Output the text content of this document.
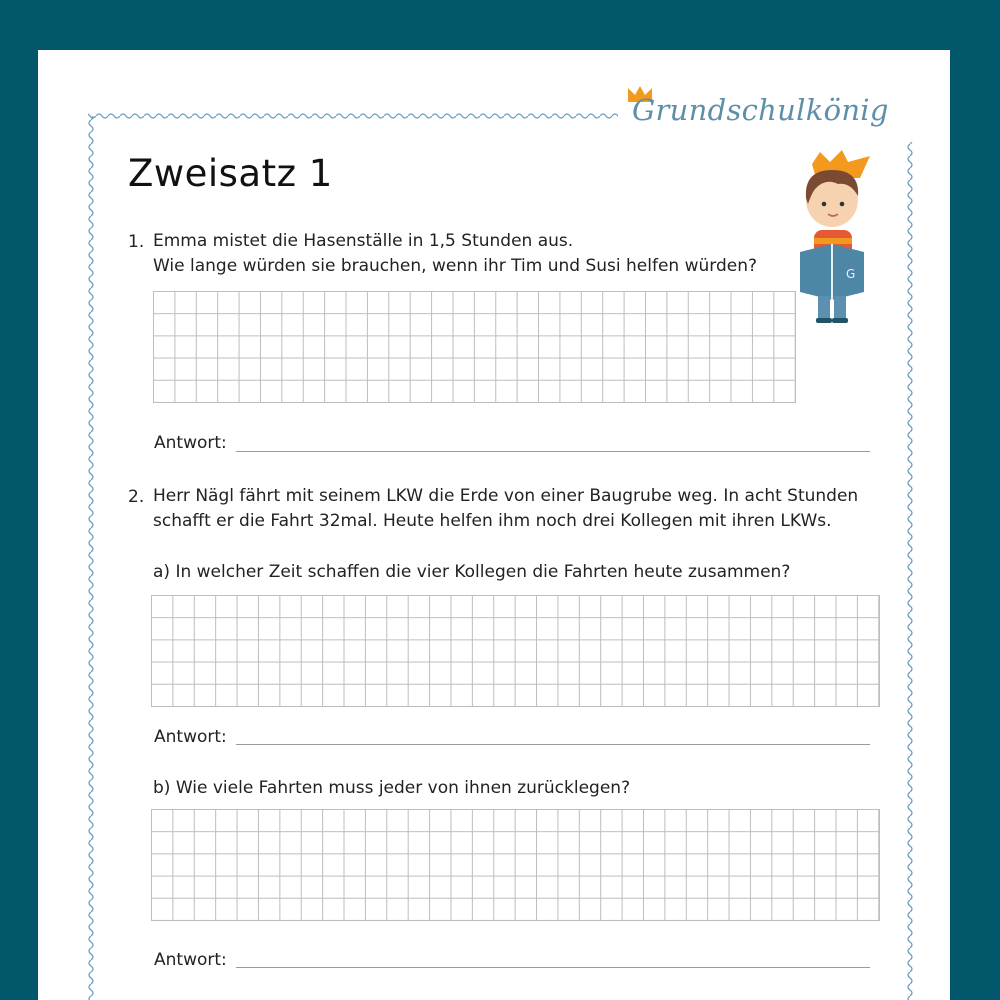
Grundschulkönig
Zweisatz 1
G
1. Emma mistet die Hasenställe in 1,5 Stunden aus.
Wie lange würden sie brauchen, wenn ihr Tim und Susi helfen würden?
Antwort:
2. Herr Nägl fährt mit seinem LKW die Erde von einer Baugrube weg. In acht Stunden
schafft er die Fahrt 32mal. Heute helfen ihm noch drei Kollegen mit ihren LKWs.
a) In welcher Zeit schaffen die vier Kollegen die Fahrten heute zusammen?
Antwort:
b) Wie viele Fahrten muss jeder von ihnen zurücklegen?
Antwort:
